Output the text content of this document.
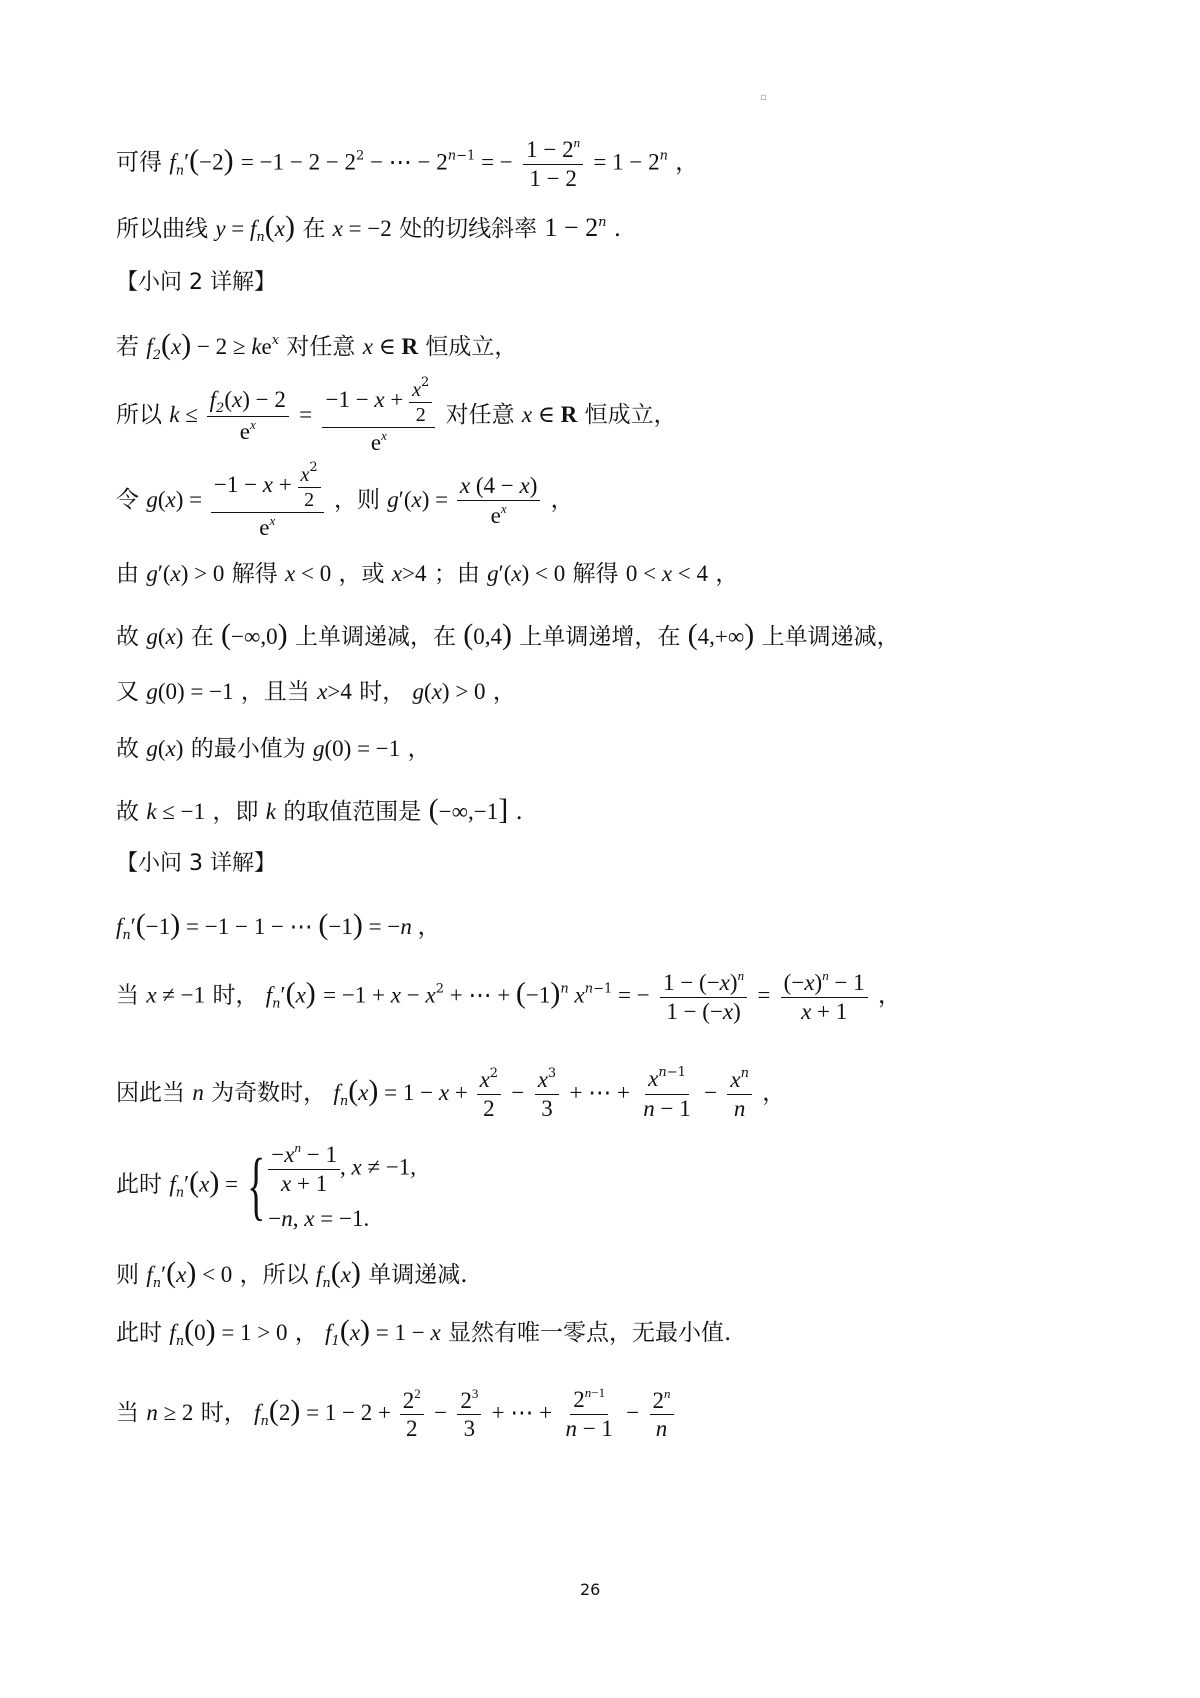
▫
可得 $f_n'(-2) = -1 - 2 - 2^2$ − ⋯ − $2^{n-1}$ = − $\frac{1 - 2^n}{1 - 2} = 1 - 2^n$ ，
所以曲线 $y = f_n(x)$ 在 x = −2 处的切线斜率 $1 - 2^n$ .
【小问 2 详解】
若 $f_2(x) - 2 \ge ke^x$ 对任意 x ∈ R 恒成立，
所以 $k \le \frac{f_2(x) - 2}{e^x} = \frac{-1 - x + \frac{x^2}{2}}{e^x}$ 对任意 x ∈ R 恒成立，
令 $g(x) = \frac{-1 - x + \frac{x^2}{2}}{e^x}$ ，则 $g'(x) = \frac{x (4 - x)}{e^x}$ ，
由 g′(x) > 0 解得 x < 0 ，或 x>4 ；由 g′(x) < 0 解得 0 < x < 4 ，
故 g(x) 在 (−∞,0) 上单调递减，在 (0,4) 上单调递增，在 (4,+∞) 上单调递减，
又 g(0) = −1 ，且当 x>4 时， g(x) > 0 ，
故 g(x) 的最小值为 g(0) = −1 ，
故 k ≤ −1 ，即 k 的取值范围是 (−∞,−1] .
【小问 3 详解】
$f_n'(-1) = -1 - 1$ − ⋯ (−1) = −n ，
当 x ≠ −1 时， $f_n'(x) = -1 + x - x^2$ + ⋯ + $(-1)^n$ $x^{n-1}$ = − $\frac{1 - (-x)^n}{1 - (-x)} = \frac{(-x)^n - 1}{x + 1}$ ，
因此当 n 为奇数时， $f_n(x) = 1 - x + \frac{x^2}{2} - \frac{x^3}{3}$ + ⋯ + $\frac{x^{n-1}}{n - 1} - \frac{x^n}{n}$ ，
此时 $f_n'(x)$ = { $\frac{-x^n - 1}{x + 1}$ , x ≠ −1,
−n, x = −1.
则 $f_n'(x) < 0$ ，所以 $f_n(x)$ 单调递减.
此时 $f_n(0) = 1 > 0$ ， $f_1(x) = 1 - x$ 显然有唯一零点，无最小值.
当 n ≥ 2 时， $f_n(2) = 1 - 2 + \frac{2^2}{2} - \frac{2^3}{3}$ + ⋯ + $\frac{2^{n-1}}{n - 1} - \frac{2^n}{n}$
26
